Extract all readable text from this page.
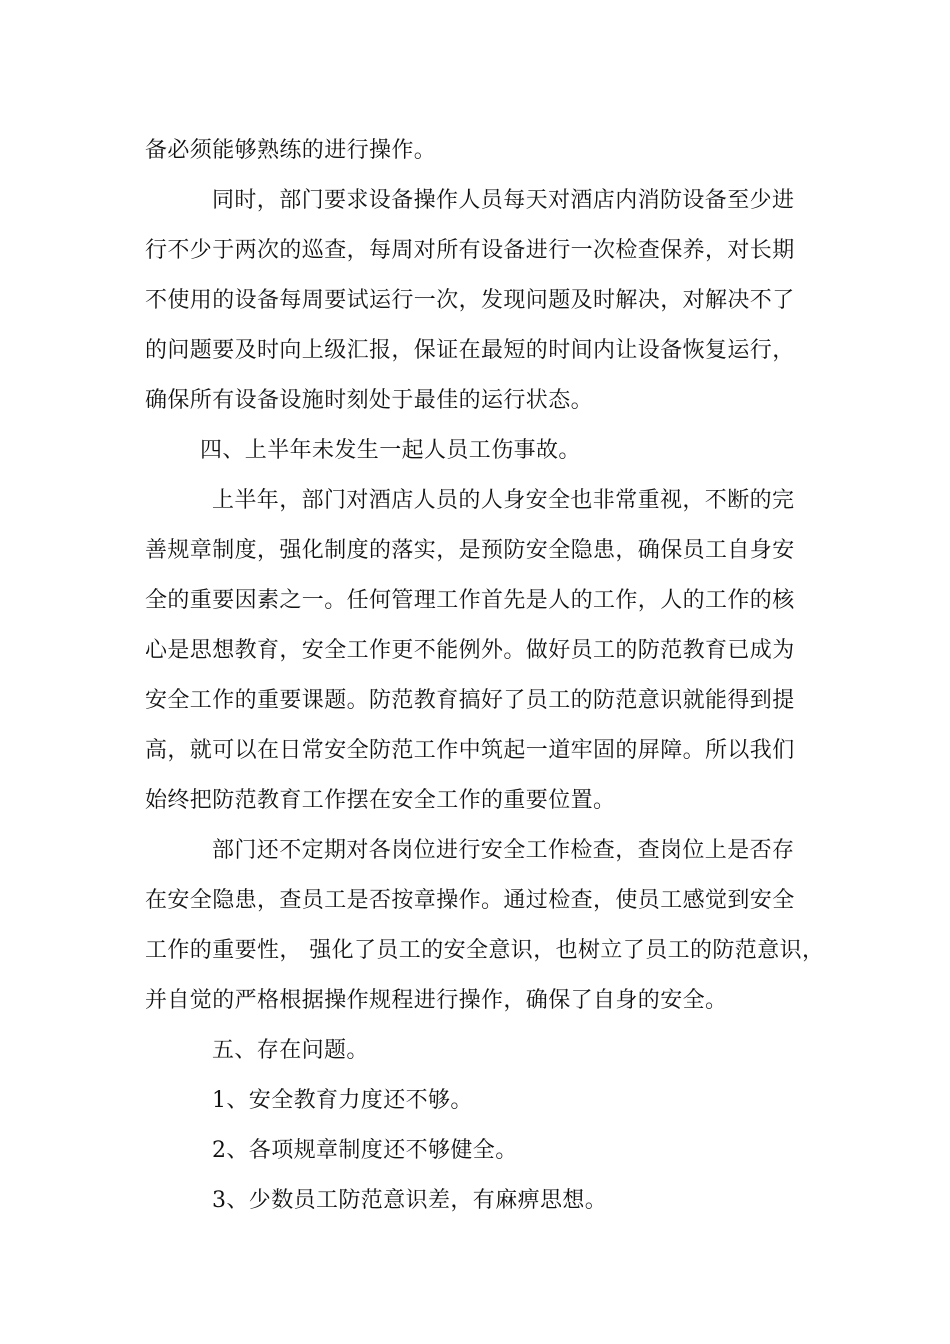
备必须能够熟练的进行操作。
同时，部门要求设备操作人员每天对酒店内消防设备至少进
行不少于两次的巡查，每周对所有设备进行一次检查保养，对长期
不使用的设备每周要试运行一次，发现问题及时解决，对解决不了
的问题要及时向上级汇报，保证在最短的时间内让设备恢复运行，
确保所有设备设施时刻处于最佳的运行状态。
四、上半年未发生一起人员工伤事故。
上半年，部门对酒店人员的人身安全也非常重视，不断的完
善规章制度，强化制度的落实，是预防安全隐患，确保员工自身安
全的重要因素之一。任何管理工作首先是人的工作，人的工作的核
心是思想教育，安全工作更不能例外。做好员工的防范教育已成为
安全工作的重要课题。防范教育搞好了员工的防范意识就能得到提
高，就可以在日常安全防范工作中筑起一道牢固的屏障。所以我们
始终把防范教育工作摆在安全工作的重要位置。
部门还不定期对各岗位进行安全工作检查，查岗位上是否存
在安全隐患，查员工是否按章操作。通过检查，使员工感觉到安全
工作的重要性， 强化了员工的安全意识，也树立了员工的防范意识，
并自觉的严格根据操作规程进行操作，确保了自身的安全。
五、存在问题。
1、安全教育力度还不够。
2、各项规章制度还不够健全。
3、少数员工防范意识差，有麻痹思想。
